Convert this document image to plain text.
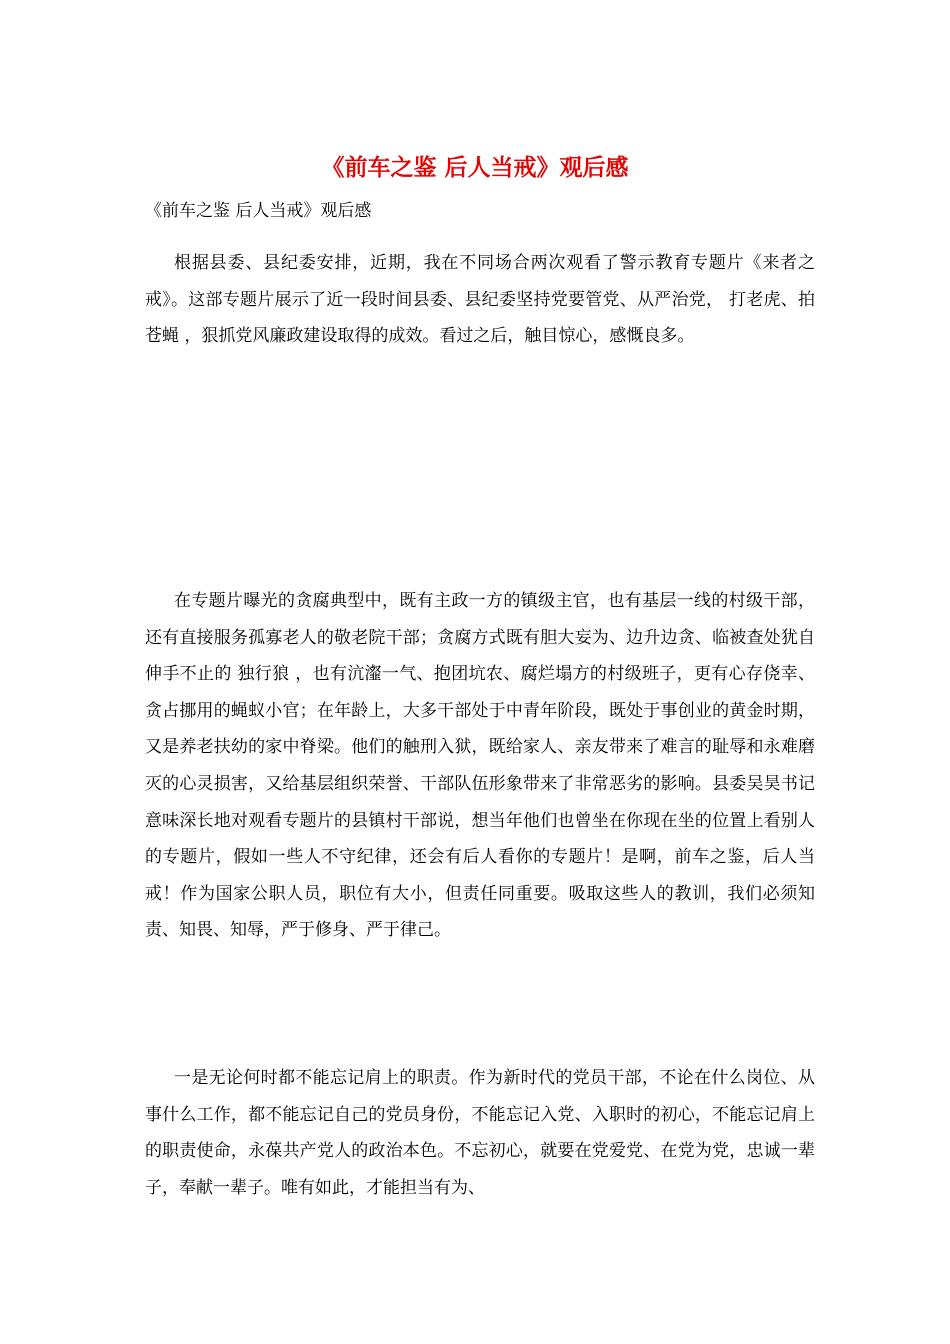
《前车之鉴 后人当戒》观后感
《前车之鉴 后人当戒》观后感

根据县委、县纪委安排，近期，我在不同场合两次观看了警示教育专题片《来者之戒》。这部专题片展示了近一段时间县委、县纪委坚持党要管党、从严治党， 打老虎、拍苍蝇 ，狠抓党风廉政建设取得的成效。看过之后，触目惊心，感慨良多。

在专题片曝光的贪腐典型中，既有主政一方的镇级主官，也有基层一线的村级干部，还有直接服务孤寡老人的敬老院干部；贪腐方式既有胆大妄为、边升边贪、临被查处犹自伸手不止的 独行狼 ，也有沆瀣一气、抱团坑农、腐烂塌方的村级班子，更有心存侥幸、贪占挪用的蝇蚁小官；在年龄上，大多干部处于中青年阶段，既处于事创业的黄金时期，又是养老扶幼的家中脊梁。他们的触刑入狱，既给家人、亲友带来了难言的耻辱和永难磨灭的心灵损害，又给基层组织荣誉、干部队伍形象带来了非常恶劣的影响。县委吴昊书记意味深长地对观看专题片的县镇村干部说，想当年他们也曾坐在你现在坐的位置上看别人的专题片，假如一些人不守纪律，还会有后人看你的专题片！是啊，前车之鉴，后人当戒！作为国家公职人员，职位有大小，但责任同重要。吸取这些人的教训，我们必须知责、知畏、知辱，严于修身、严于律己。

一是无论何时都不能忘记肩上的职责。作为新时代的党员干部，不论在什么岗位、从事什么工作，都不能忘记自己的党员身份，不能忘记入党、入职时的初心，不能忘记肩上的职责使命，永葆共产党人的政治本色。不忘初心，就要在党爱党、在党为党，忠诚一辈子，奉献一辈子。唯有如此，才能担当有为、
